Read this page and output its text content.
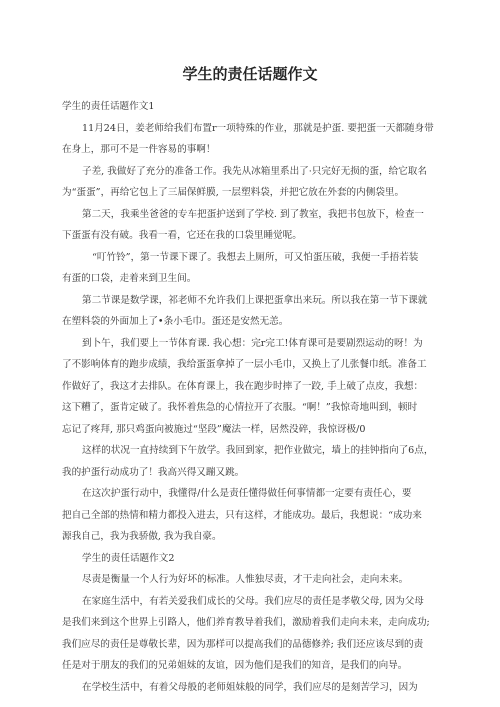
学生的责任话题作文
学生的责任话题作文1
11月24日，姜老师给我们布置r一项特殊的作业，那就是护蛋. 要把蛋一天都随身带
在身上，那可不是一件容易的事啊！
子差, 我做好了充分的准备工作。我先从冰箱里系出了·只完好无损的蛋，给它取名
为“蛋蛋”，再给它包上了三届保鲜膜, 一层塑料袋，并把它放在外套的内侧袋里。
第二天，我乘坐爸爸的专车把蛋护送到了学校. 到了教室，我把书包放下，检查一
下蛋蛋有没有破。我看一看，它还在我的口袋里睡觉呢。
“叮竹铃”，第一节课下课了。我想去上厕所，可又怕蛋压破，我便一手捂若装
有蛋的口袋，走着来到卫生间。
第二节课是数学课，祁老师不允许我们上课把蛋拿出来玩。所以我在第一节下课就
在塑料袋的外面加上了•条小毛巾。蛋还是安然无恙。
到卜午，我们要上一节体育课. 我心想：完r完工!体育课可是要剧烈运动的呀！为
了不影响体育的跑步成绩，我给蛋蛋拿掉了一层小毛巾，又换上了儿张餐巾纸。准备工
作做好了，我这才去排队。在体育课上，我在跑步时摔了一跤, 手上破了点皮，我想：
这下糟了，蛋肯定破了。我怀着焦急的心情拉开了衣服。“啊！”我惊奇地叫到，顿时
忘记了疼拜, 那只鸡蛋向被施过“坚段”魔法一样，居然没碎，我惊讶极/0
这样的状况一直持续到下午放学。我回到家，把作业做完，墙上的挂钟指向了6点，
我的护蛋行动成功了！我高兴得又蹦又跳。
在这次护蛋行动中，我懂得/什么是责任懂得做任何事情都一定要有责任心，要
把自己全部的热情和精力都投入进去，只有这样，才能成功。最后，我想说：“成功来
源我自己，我为我骄傲, 我为我自豪。
学生的责任话题作文2
尽责是衡量一个人行为好坏的标准。人惟独尽责，才干走向社会，走向未来。
在家庭生活中，有若关爱我们成长的父母。我们应尽的责任是孝敬父母, 因为父母
是我们来到这个世界上引路人，他们养育教导着我们，激励着我们走向未来，走向成功;
我们应尽的责任是尊敬长辈，因为那样可以提高我们的品德修养; 我们还应该尽到的责
任是对于朋友的我们的兄弟姐妹的友谊，因为他们是我们的知音，是我们的向导。
在学校生活中，有着父母般的老师姐妹般的同学，我们应尽的是刻苦学习，因为
